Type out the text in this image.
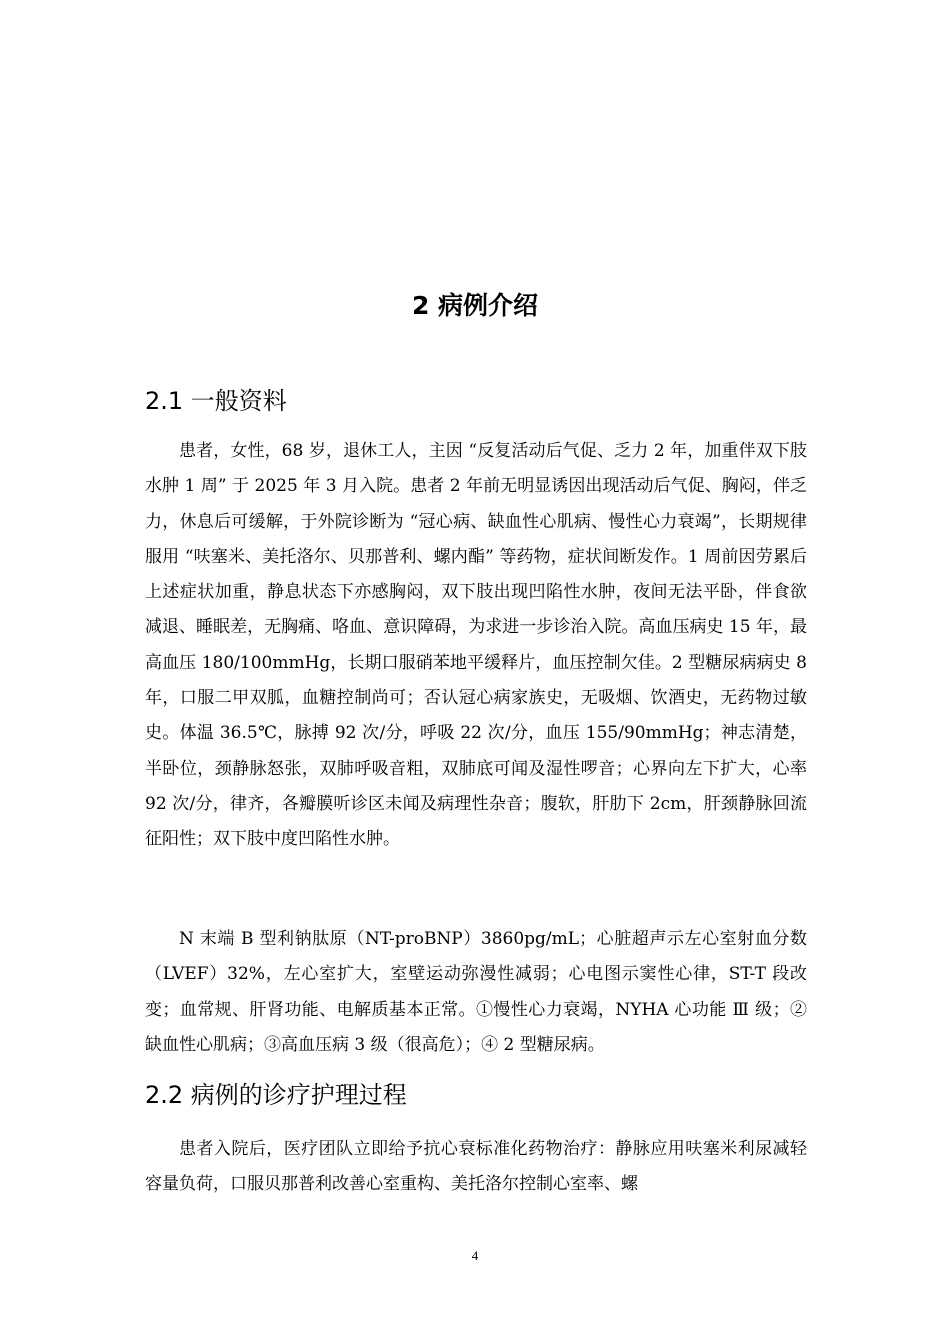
2 病例介绍
2.1 一般资料

患者，女性，68 岁，退休工人，主因 “反复活动后气促、乏力 2 年，加重伴双下肢水肿 1 周” 于 2025 年 3 月入院。患者 2 年前无明显诱因出现活动后气促、胸闷，伴乏力，休息后可缓解，于外院诊断为 “冠心病、缺血性心肌病、慢性心力衰竭”，长期规律服用 “呋塞米、美托洛尔、贝那普利、螺内酯” 等药物，症状间断发作。1 周前因劳累后上述症状加重，静息状态下亦感胸闷，双下肢出现凹陷性水肿，夜间无法平卧，伴食欲减退、睡眠差，无胸痛、咯血、意识障碍，为求进一步诊治入院。高血压病史 15 年，最高血压 180/100mmHg，长期口服硝苯地平缓释片，血压控制欠佳。2 型糖尿病病史 8 年，口服二甲双胍，血糖控制尚可；否认冠心病家族史，无吸烟、饮酒史，无药物过敏史。体温 36.5℃，脉搏 92 次/分，呼吸 22 次/分，血压 155/90mmHg；神志清楚，半卧位，颈静脉怒张，双肺呼吸音粗，双肺底可闻及湿性啰音；心界向左下扩大，心率 92 次/分，律齐，各瓣膜听诊区未闻及病理性杂音；腹软，肝肋下 2cm，肝颈静脉回流征阳性；双下肢中度凹陷性水肿。

N 末端 B 型利钠肽原（NT-proBNP）3860pg/mL；心脏超声示左心室射血分数（LVEF）32%，左心室扩大，室壁运动弥漫性减弱；心电图示窦性心律，ST-T 段改变；血常规、肝肾功能、电解质基本正常。①慢性心力衰竭，NYHA 心功能 Ⅲ 级；②缺血性心肌病；③高血压病 3 级（很高危）；④ 2 型糖尿病。

2.2 病例的诊疗护理过程

患者入院后，医疗团队立即给予抗心衰标准化药物治疗：静脉应用呋塞米利尿减轻容量负荷，口服贝那普利改善心室重构、美托洛尔控制心室率、螺

4
